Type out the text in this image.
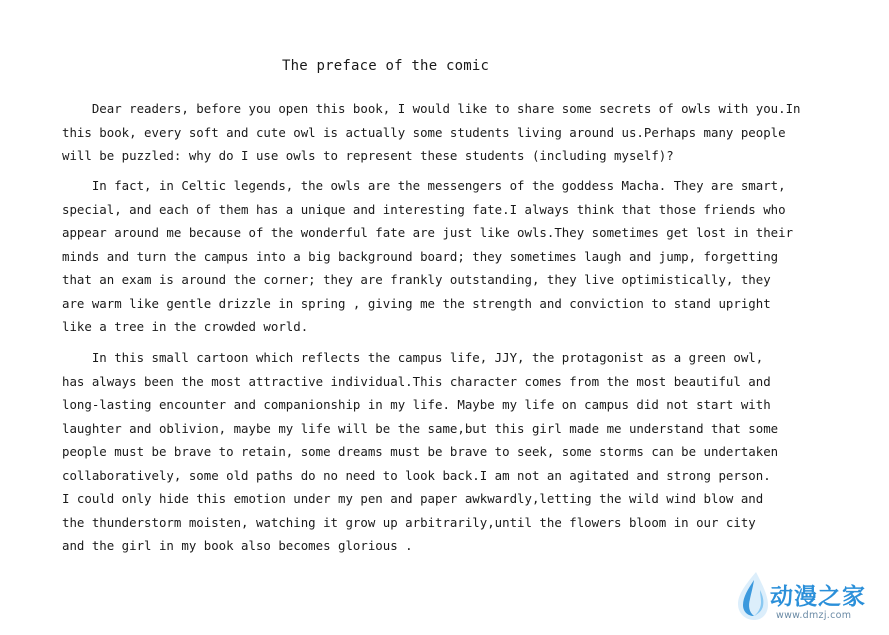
The preface of the comic
Dear readers, before you open this book, I would like to share some secrets of owls with you.In
this book, every soft and cute owl is actually some students living around us.Perhaps many people
will be puzzled: why do I use owls to represent these students (including myself)?
In fact, in Celtic legends, the owls are the messengers of the goddess Macha. They are smart,
special, and each of them has a unique and interesting fate.I always think that those friends who
appear around me because of the wonderful fate are just like owls.They sometimes get lost in their
minds and turn the campus into a big background board; they sometimes laugh and jump, forgetting
that an exam is around the corner; they are frankly outstanding, they live optimistically, they
are warm like gentle drizzle in spring , giving me the strength and conviction to stand upright
like a tree in the crowded world.
In this small cartoon which reflects the campus life, JJY, the protagonist as a green owl,
has always been the most attractive individual.This character comes from the most beautiful and
long-lasting encounter and companionship in my life. Maybe my life on campus did not start with
laughter and oblivion, maybe my life will be the same,but this girl made me understand that some
people must be brave to retain, some dreams must be brave to seek, some storms can be undertaken
collaboratively, some old paths do no need to look back.I am not an agitated and strong person.
I could only hide this emotion under my pen and paper awkwardly,letting the wild wind blow and
the thunderstorm moisten, watching it grow up arbitrarily,until the flowers bloom in our city
and the girl in my book also becomes glorious .
动漫之家
www.dmzj.com
